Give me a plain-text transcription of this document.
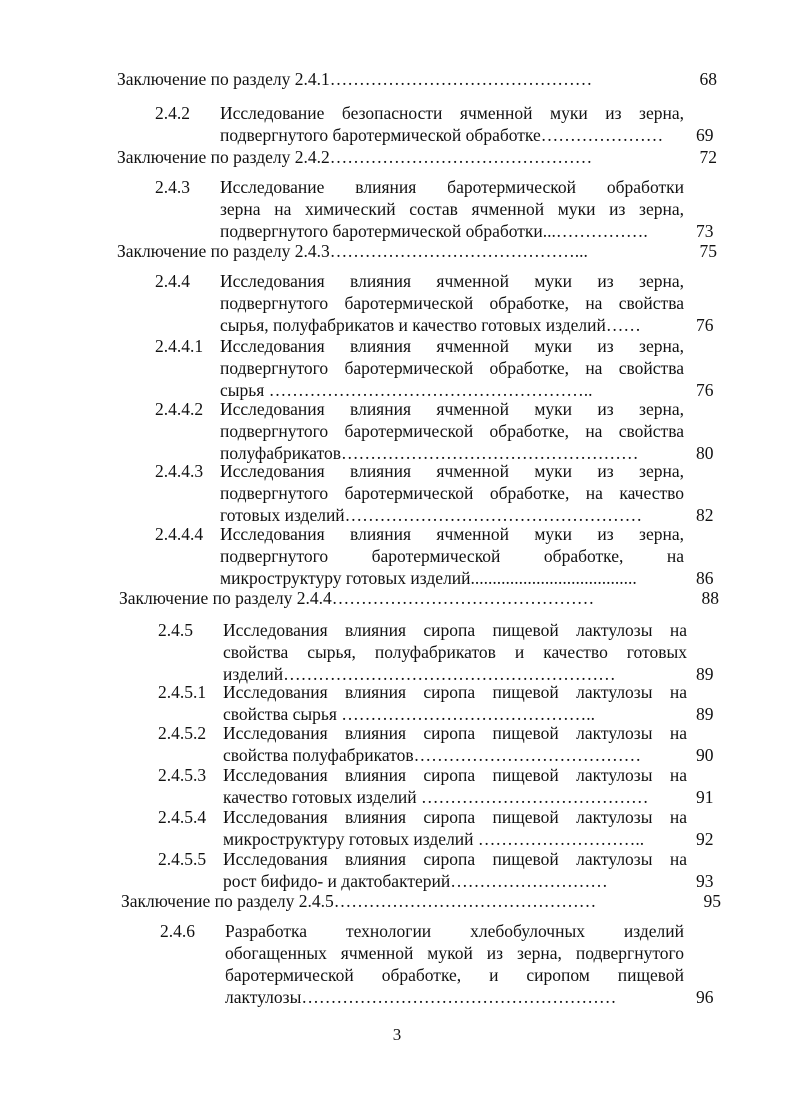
Заключение по разделу 2.4.1………………………………………	68
2.4.2 Исследование безопасности ячменной муки из зерна,
подвергнутого баротермической обработке………………… 69
Заключение по разделу 2.4.2………………………………………	72
2.4.3 Исследование влияния баротермической обработки
зерна на химический состав ячменной муки из зерна,
подвергнутого баротермической обработки...…………….	73
Заключение по разделу 2.4.3……………………………………...	75
2.4.4 Исследования влияния ячменной муки из зерна,
подвергнутого баротермической обработке, на свойства
сырья, полуфабрикатов и качество готовых изделий……	76
2.4.4.1 Исследования влияния ячменной муки из зерна,
подвергнутого баротермической обработке, на свойства
сырья ………………………………………………..	76
2.4.4.2 Исследования влияния ячменной муки из зерна,
подвергнутого баротермической обработке, на свойства
полуфабрикатов……………………………………………	80
2.4.4.3 Исследования влияния ячменной муки из зерна,
подвергнутого баротермической обработке, на качество
готовых изделий……………………………………………	82
2.4.4.4 Исследования влияния ячменной муки из зерна,
подвергнутого баротермической обработке, на
микроструктуру готовых изделий......................................	86
Заключение по разделу 2.4.4………………………………………	88
2.4.5 Исследования влияния сиропа пищевой лактулозы на
свойства сырья, полуфабрикатов и качество готовых
изделий…………………………………………………	89
2.4.5.1 Исследования влияния сиропа пищевой лактулозы на
свойства сырья ……………………………………..	89
2.4.5.2 Исследования влияния сиропа пищевой лактулозы на
свойства полуфабрикатов…………………………………	90
2.4.5.3 Исследования влияния сиропа пищевой лактулозы на
качество готовых изделий …………………………………	91
2.4.5.4 Исследования влияния сиропа пищевой лактулозы на
микроструктуру готовых изделий ………………………..	92
2.4.5.5 Исследования влияния сиропа пищевой лактулозы на
рост бифидо- и дактобактерий………………………	93
Заключение по разделу 2.4.5………………………………………	95
2.4.6 Разработка технологии хлебобулочных изделий
обогащенных ячменной мукой из зерна, подвергнутого
баротермической обработке, и сиропом пищевой
лактулозы………………………………………………	96
3
